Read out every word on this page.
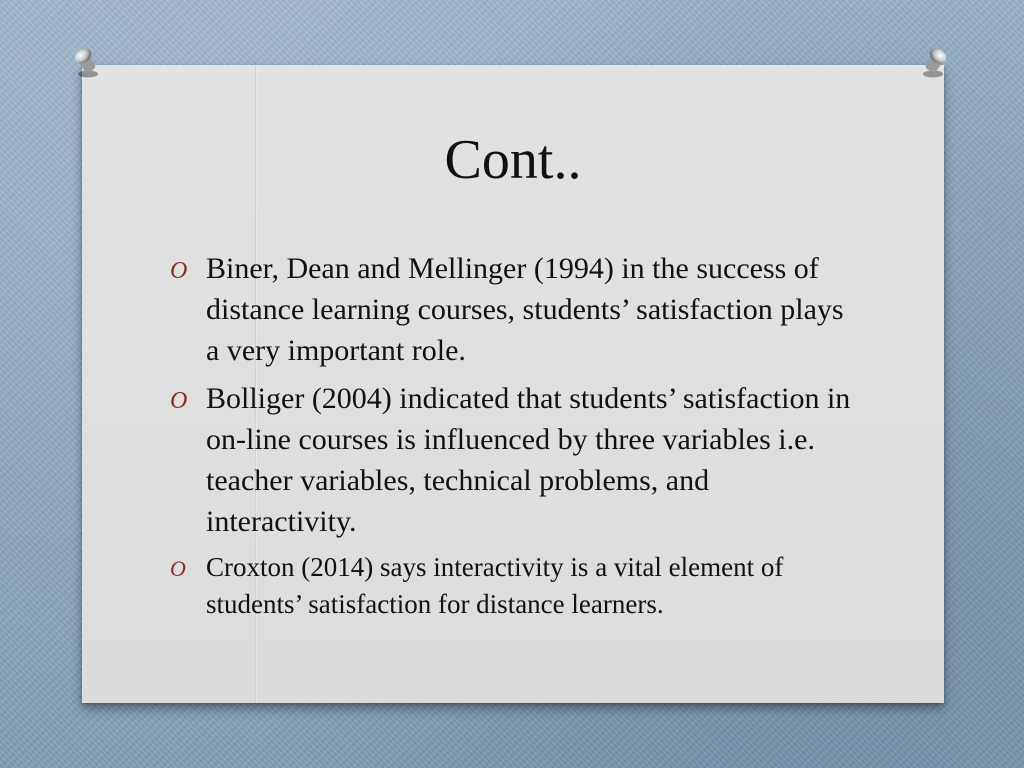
Cont..
O Biner, Dean and Mellinger (1994) in the success of distance learning courses, students’ satisfaction plays a very important role.
O Bolliger (2004) indicated that students’ satisfaction in on-line courses is influenced by three variables i.e. teacher variables, technical problems, and interactivity.
O Croxton (2014) says interactivity is a vital element of students’ satisfaction for distance learners.
